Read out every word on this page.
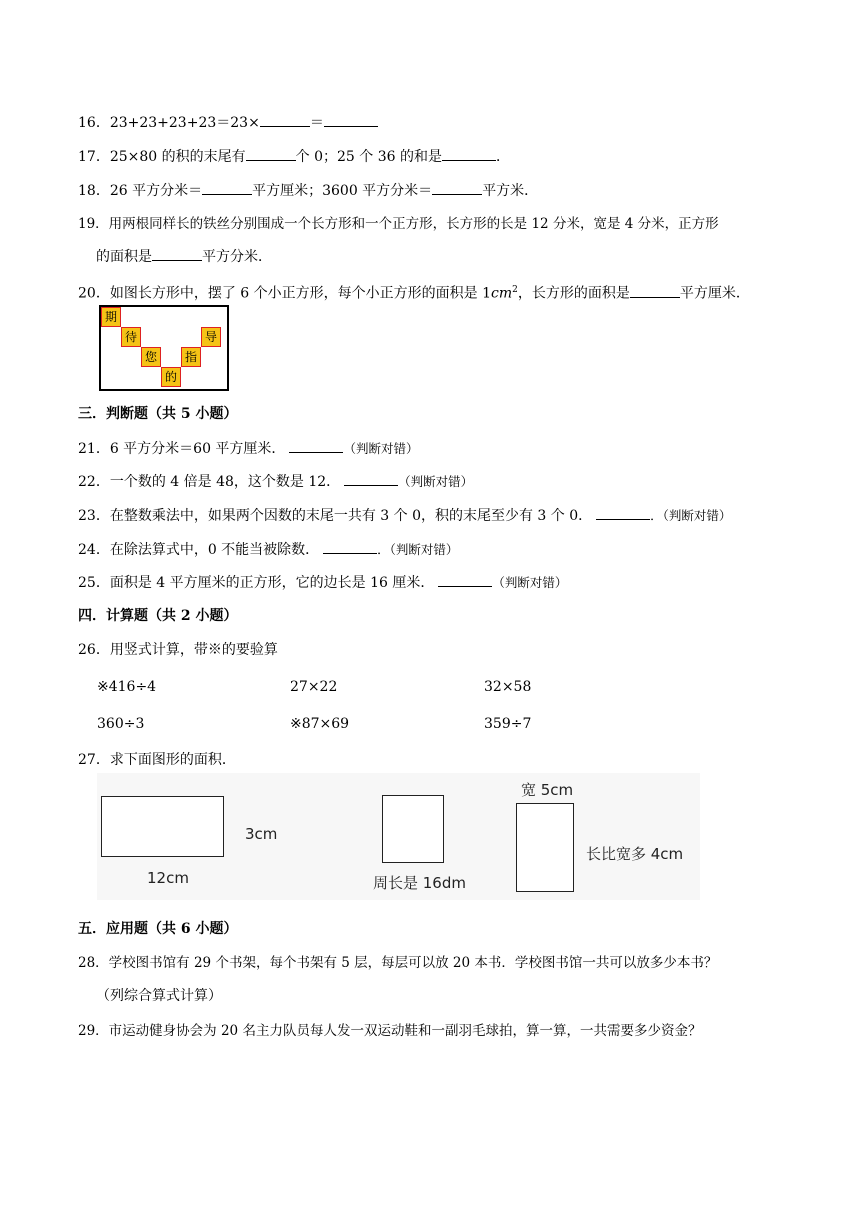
16．23+23+23+23＝23×	＝
17．25×80 的积的末尾有	个 0；25 个 36 的和是	．
18．26 平方分米＝	平方厘米；3600 平方分米＝	平方米．
19．用两根同样长的铁丝分别围成一个长方形和一个正方形，长方形的长是 12 分米，宽是 4 分米，正方形
的面积是	平方分米．
20．如图长方形中，摆了 6 个小正方形，每个小正方形的面积是 $1cm^2$，长方形的面积是	平方厘米．
期
待
您
的
指
导
三．判断题（共 5 小题）
21．6 平方分米＝60 平方厘米．	（判断对错）
22．一个数的 4 倍是 48，这个数是 12．	（判断对错）
23．在整数乘法中，如果两个因数的末尾一共有 3 个 0，积的末尾至少有 3 个 0．	．（判断对错）
24．在除法算式中，0 不能当被除数．	．（判断对错）
25．面积是 4 平方厘米的正方形，它的边长是 16 厘米．	（判断对错）
四．计算题（共 2 小题）
26．用竖式计算，带※的要验算
※416÷4	27×22	32×58
360÷3	※87×69	359÷7
27．求下面图形的面积．
3cm
12cm	周长是 16dm
宽 5cm
长比宽多 4cm
五．应用题（共 6 小题）
28．学校图书馆有 29 个书架，每个书架有 5 层，每层可以放 20 本书．学校图书馆一共可以放多少本书？
（列综合算式计算）
29．市运动健身协会为 20 名主力队员每人发一双运动鞋和一副羽毛球拍，算一算，一共需要多少资金？
